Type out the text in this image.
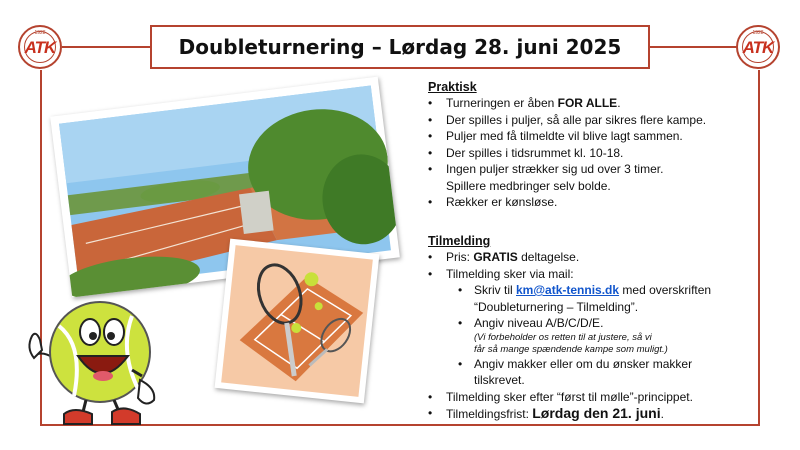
1928
ATK
1928
ATK
Doubleturnering – Lørdag 28. juni 2025
Praktisk
• Turneringen er åben FOR ALLE.
• Der spilles i puljer, så alle par sikres flere kampe.
• Puljer med få tilmeldte vil blive lagt sammen.
• Der spilles i tidsrummet kl. 10-18.
• Ingen puljer strækker sig ud over 3 timer.
Spillere medbringer selv bolde.
• Rækker er kønsløse.
Tilmelding
• Pris: GRATIS deltagelse.
• Tilmelding sker via mail:
• Skriv til km@atk-tennis.dk med overskriften
“Doubleturnering – Tilmelding”.
• Angiv niveau A/B/C/D/E.
(Vi forbeholder os retten til at justere, så vi
får så mange spændende kampe som muligt.)
• Angiv makker eller om du ønsker makker
tilskrevet.
• Tilmelding sker efter “først til mølle”-princippet.
• Tilmeldingsfrist: Lørdag den 21. juni.
